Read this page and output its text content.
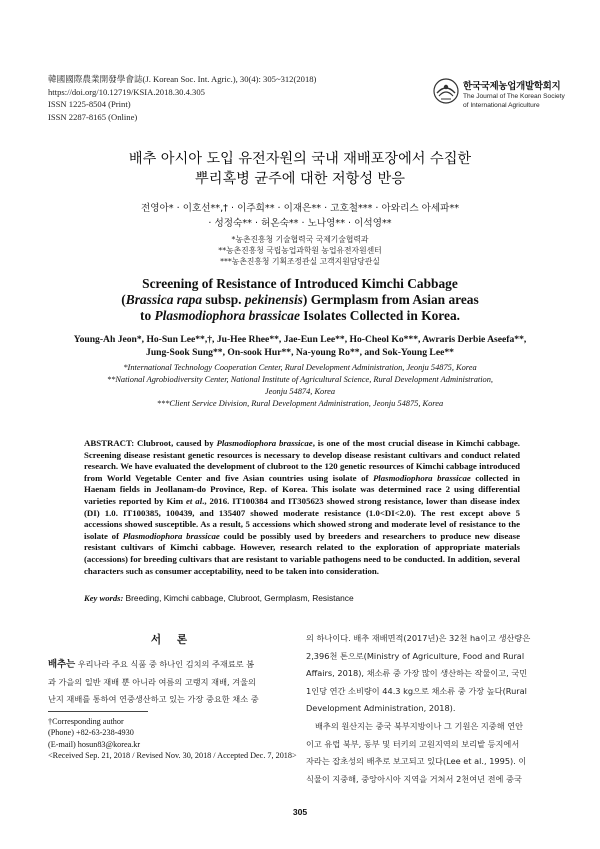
韓國國際農業開發學會誌(J. Korean Soc. Int. Agric.), 30(4): 305~312(2018)
https://doi.org/10.12719/KSIA.2018.30.4.305
ISSN 1225-8504 (Print)
ISSN 2287-8165 (Online)
한국국제농업개발학회지
The Journal of The Korean Society
of International Agriculture
배추 아시아 도입 유전자원의 국내 재배포장에서 수집한
뿌리혹병 균주에 대한 저항성 반응
전영아* · 이호선**,† · 이주희** · 이재은** · 고호철*** · 아와리스 아세파**
· 성정숙** · 허온숙** · 노나영** · 이석영**
*농촌진흥청 기술협력국 국제기술협력과
**농촌진흥청 국립농업과학원 농업유전자원센터
***농촌진흥청 기획조정관실 고객지원담당관실
Screening of Resistance of Introduced Kimchi Cabbage
(Brassica rapa subsp. pekinensis) Germplasm from Asian areas
to Plasmodiophora brassicae Isolates Collected in Korea.
Young-Ah Jeon*, Ho-Sun Lee**,†, Ju-Hee Rhee**, Jae-Eun Lee**, Ho-Cheol Ko***, Awraris Derbie Aseefa**,
Jung-Sook Sung**, On-sook Hur**, Na-young Ro**, and Sok-Young Lee**
*International Technology Cooperation Center, Rural Development Administration, Jeonju 54875, Korea
**National Agrobiodiversity Center, National Institute of Agricultural Science, Rural Development Administration,
Jeonju 54874, Korea
***Client Service Division, Rural Development Administration, Jeonju 54875, Korea
ABSTRACT: Clubroot, caused by Plasmodiophora brassicae, is one of the most crucial disease in Kimchi cabbage. Screening disease resistant genetic resources is necessary to develop disease resistant cultivars and conduct related research. We have evaluated the development of clubroot to the 120 genetic resources of Kimchi cabbage introduced from World Vegetable Center and five Asian countries using isolate of Plasmodiophora brassicae collected in Haenam fields in Jeollanam-do Province, Rep. of Korea. This isolate was determined race 2 using differential varieties reported by Kim et al., 2016. IT100384 and IT305623 showed strong resistance, lower than disease index (DI) 1.0. IT100385, 100439, and 135407 showed moderate resistance (1.0<DI<2.0). The rest except above 5 accessions showed susceptible. As a result, 5 accessions which showed strong and moderate level of resistance to the isolate of Plasmodiophora brassicae could be possibly used by breeders and researchers to produce new disease resistant cultivars of Kimchi cabbage. However, research related to the exploration of appropriate materials (accessions) for breeding cultivars that are resistant to variable pathogens need to be conducted. In addition, several characters such as consumer acceptability, need to be taken into consideration.
Key words: Breeding, Kimchi cabbage, Clubroot, Germplasm, Resistance
서 론
배추는 우리나라 주요 식품 중 하나인 김치의 주재료로 봄
과 가을의 일반 재배 뿐 아니라 여름의 고랭지 재배, 겨울의
난지 재배를 통하여 연중생산하고 있는 가장 중요한 채소 중
의 하나이다. 배추 재배면적(2017년)은 32천 ha이고 생산량은
2,396천 톤으로(Ministry of Agriculture, Food and Rural
Affairs, 2018), 채소류 중 가장 많이 생산하는 작물이고, 국민
1인당 연간 소비량이 44.3 kg으로 채소류 중 가장 높다(Rural
Development Administration, 2018).
배추의 원산지는 중국 북부지방이나 그 기원은 지중해 연안
이고 유럽 북부, 동부 및 터키의 고원지역의 보리밭 등지에서
자라는 잡초성의 배추로 보고되고 있다(Lee et al., 1995). 이
식물이 지중해, 중앙아시아 지역을 거쳐서 2천여년 전에 중국
†Corresponding author
(Phone) +82-63-238-4930
(E-mail) hosun83@korea.kr
<Received Sep. 21, 2018 / Revised Nov. 30, 2018 / Accepted Dec. 7, 2018>
305
